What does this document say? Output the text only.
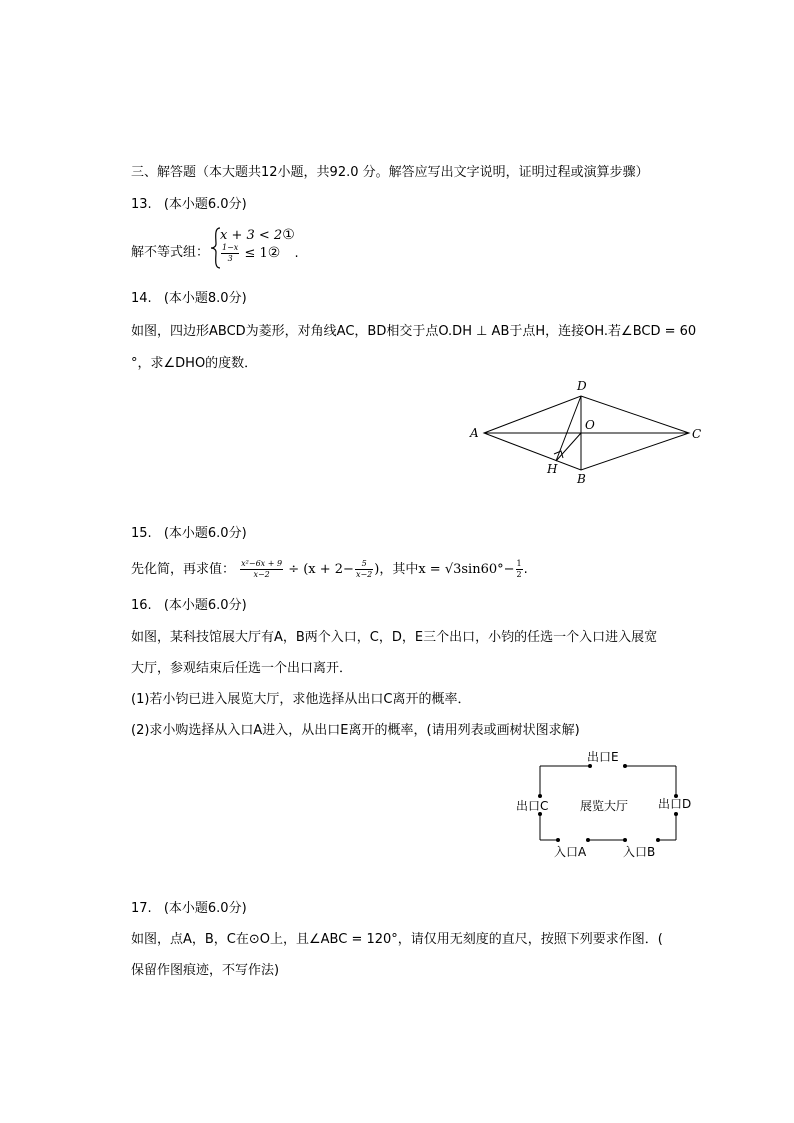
三、解答题（本大题共12小题，共92.0 分。解答应写出文字说明，证明过程或演算步骤）
13. (本小题6.0分)
解不等式组：
x + 3 < 2①
$\frac{1-x}{3}$ ≤ 1② .
14. (本小题8.0分)
如图，四边形ABCD为菱形，对角线AC，BD相交于点O.DH ⊥ AB于点H，连接OH.若∠BCD = 60
°，求∠DHO的度数．
A
D
O
C
H
B
15. (本小题6.0分)
先化简，再求值： $\frac{\text{x²−6x + 9}}{x-2} \div (x + 2- \frac{5}{x-2}$ )，其中$x = √3\sin 60^\circ- \frac{1}{2}$ .
16. (本小题6.0分)
如图，某科技馆展大厅有A，B两个入口，C，D，E三个出口，小钧的任选一个入口进入展宽
大厅，参观结束后任选一个出口离开．
(1)若小钧已进入展览大厅，求他选择从出口C离开的概率．
(2)求小购选择从入口A进入，从出口E离开的概率，(请用列表或画树状图求解)
出口E
出口C	展览大厅 出口D
入口A	入口B
17. (本小题6.0分)
如图，点A，B，C在⊙O上，且∠ABC = 120°，请仅用无刻度的直尺，按照下列要求作图．(
保留作图痕迹，不写作法)
